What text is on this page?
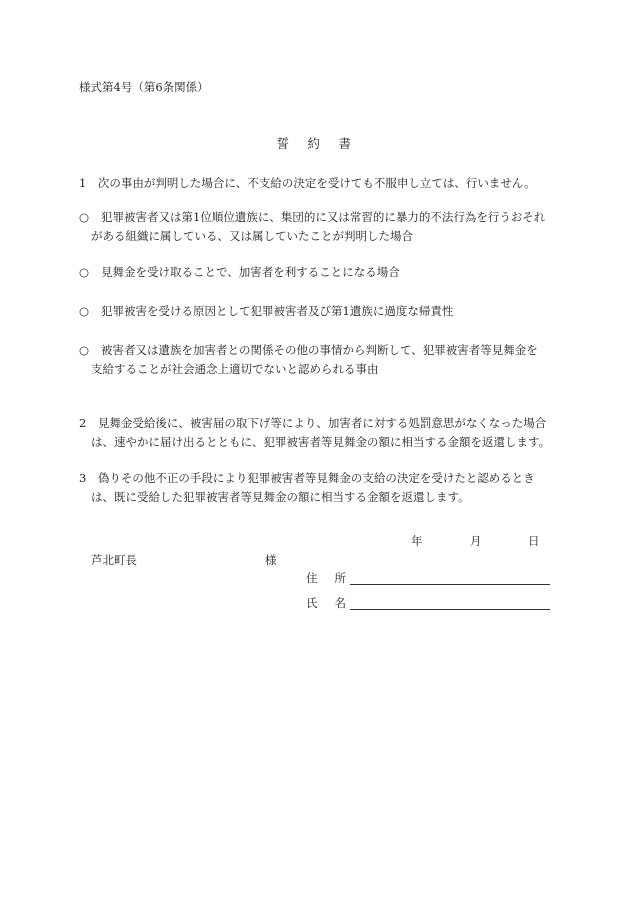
様式第4号（第6条関係）
誓 約 書
1　次の事由が判明した場合に、不支給の決定を受けても不服申し立ては、行いません。
○ 犯罪被害者又は第1位順位遺族に、集団的に又は常習的に暴力的不法行為を行うおそれ
がある組織に属している、又は属していたことが判明した場合
○ 見舞金を受け取ることで、加害者を利することになる場合
○ 犯罪被害を受ける原因として犯罪被害者及び第1遺族に過度な帰責性
○ 被害者又は遺族を加害者との関係その他の事情から判断して、犯罪被害者等見舞金を
支給することが社会通念上適切でないと認められる事由
2　見舞金受給後に、被害届の取下げ等により、加害者に対する処罰意思がなくなった場合
は、速やかに届け出るとともに、犯罪被害者等見舞金の額に相当する金額を返還します。
3　偽りその他不正の手段により犯罪被害者等見舞金の支給の決定を受けたと認めるとき
は、既に受給した犯罪被害者等見舞金の額に相当する金額を返還します。
年	月	日
芦北町長	様
住 所
氏 名
